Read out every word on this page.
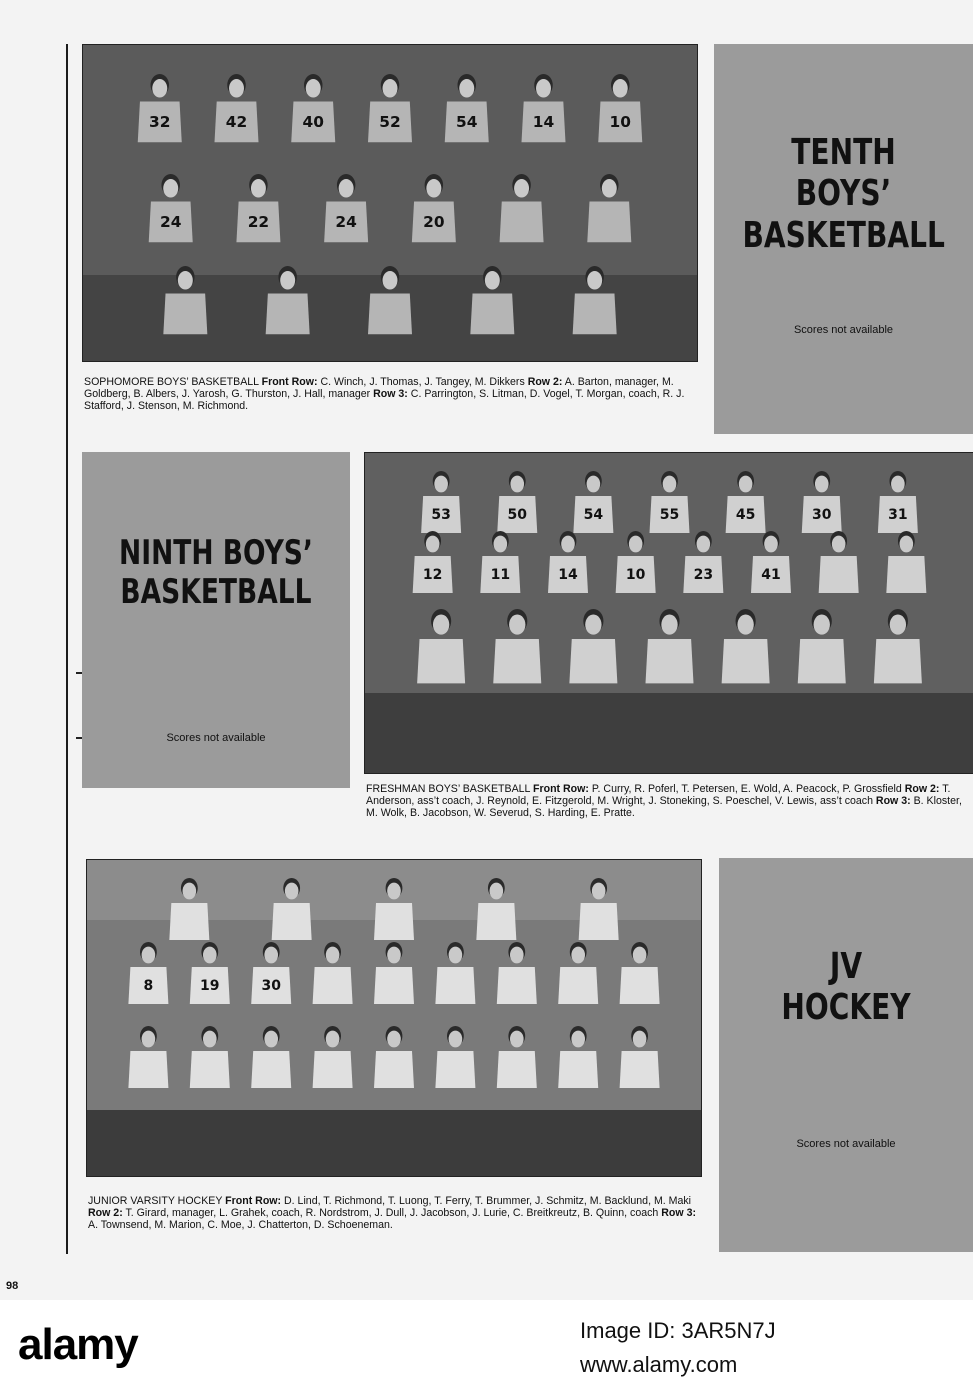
32	42	40	52	54	14	10
24	22	24	20
TENTH BOYS’
BASKETBALL
Scores not available
SOPHOMORE BOYS’ BASKETBALL Front Row: C. Winch, J. Thomas, J. Tangey, M. Dikkers Row 2: A. Barton, manager, M. Goldberg, B. Albers, J. Yarosh, G. Thurston, J. Hall, manager Row 3: C. Parrington, S. Litman, D. Vogel, T. Morgan, coach, R. J. Stafford, J. Stenson, M. Richmond.
NINTH BOYS’
BASKETBALL
Scores not available
53	50	54	55	45	30	31
12	11	14	10	23	41
FRESHMAN BOYS’ BASKETBALL Front Row: P. Curry, R. Poferl, T. Petersen, E. Wold, A. Peacock, P. Grossfield Row 2: T. Anderson, ass’t coach, J. Reynold, E. Fitzgerold, M. Wright, J. Stoneking, S. Poeschel, V. Lewis, ass’t coach Row 3: B. Kloster, M. Wolk, B. Jacobson, W. Severud, S. Harding, E. Pratte.
8	19	30	JV
HOCKEY
Scores not available
JUNIOR VARSITY HOCKEY Front Row: D. Lind, T. Richmond, T. Luong, T. Ferry, T. Brummer, J. Schmitz, M. Backlund, M. Maki Row 2: T. Girard, manager, L. Grahek, coach, R. Nordstrom, J. Dull, J. Jacobson, J. Lurie, C. Breitkreutz, B. Quinn, coach Row 3: A. Townsend, M. Marion, C. Moe, J. Chatterton, D. Schoeneman.
98
alamy	Image ID: 3AR5N7J
www.alamy.com
